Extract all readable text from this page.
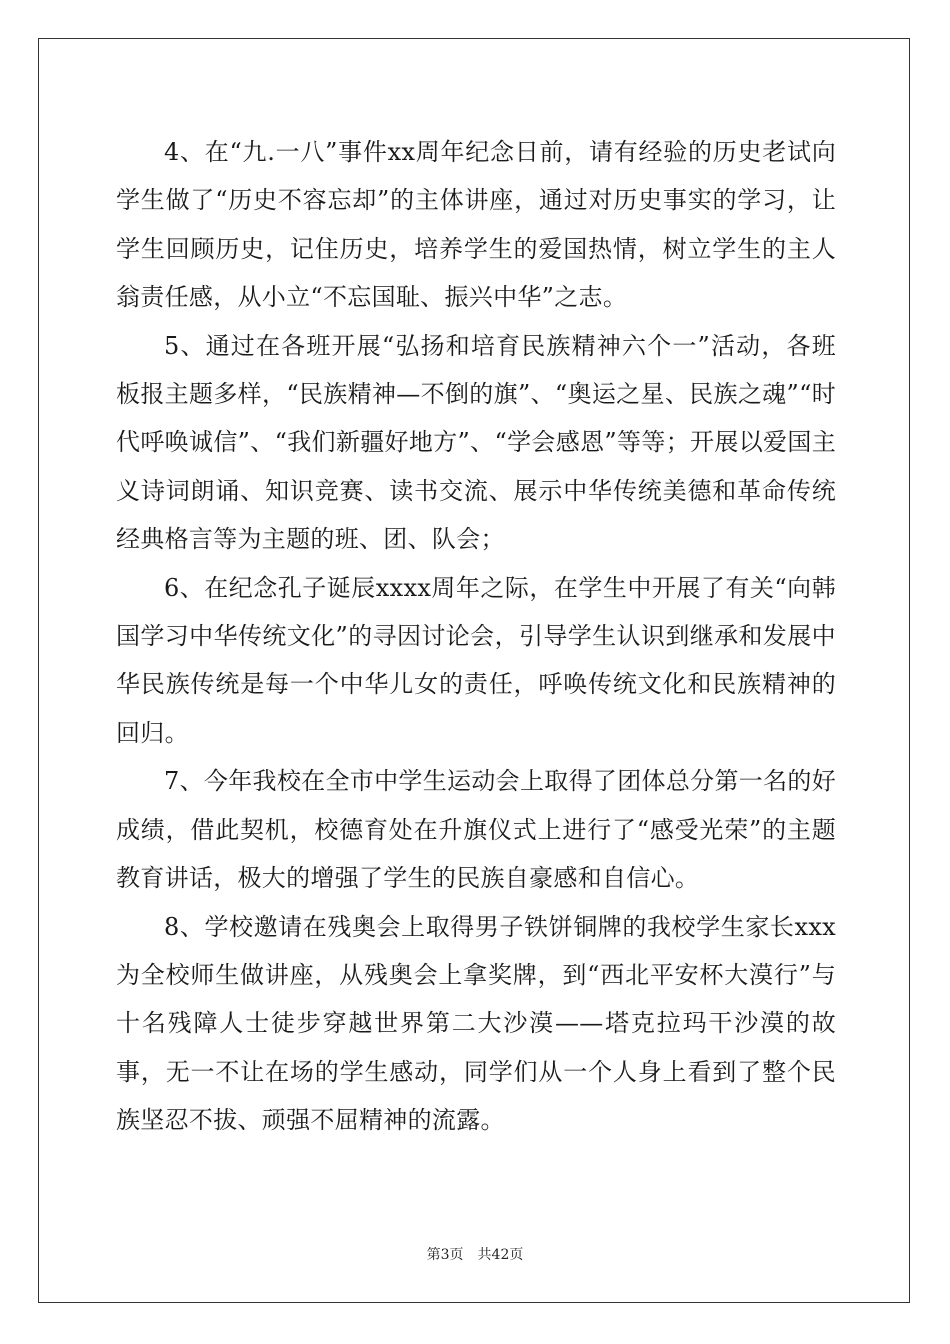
4、在“九.一八”事件xx周年纪念日前，请有经验的历史老试向学生做了“历史不容忘却”的主体讲座，通过对历史事实的学习，让学生回顾历史，记住历史，培养学生的爱国热情，树立学生的主人翁责任感，从小立“不忘国耻、振兴中华”之志。

5、通过在各班开展“弘扬和培育民族精神六个一”活动，各班板报主题多样，“民族精神—不倒的旗”、“奥运之星、民族之魂”“时代呼唤诚信”、“我们新疆好地方”、“学会感恩”等等；开展以爱国主义诗词朗诵、知识竞赛、读书交流、展示中华传统美德和革命传统经典格言等为主题的班、团、队会；

6、在纪念孔子诞辰xxxx周年之际，在学生中开展了有关“向韩国学习中华传统文化”的寻因讨论会，引导学生认识到继承和发展中华民族传统是每一个中华儿女的责任，呼唤传统文化和民族精神的回归。

7、今年我校在全市中学生运动会上取得了团体总分第一名的好成绩，借此契机，校德育处在升旗仪式上进行了“感受光荣”的主题教育讲话，极大的增强了学生的民族自豪感和自信心。

8、学校邀请在残奥会上取得男子铁饼铜牌的我校学生家长xxx为全校师生做讲座，从残奥会上拿奖牌，到“西北平安杯大漠行”与十名残障人士徒步穿越世界第二大沙漠——塔克拉玛干沙漠的故事，无一不让在场的学生感动，同学们从一个人身上看到了整个民族坚忍不拔、顽强不屈精神的流露。

第3页　共42页
